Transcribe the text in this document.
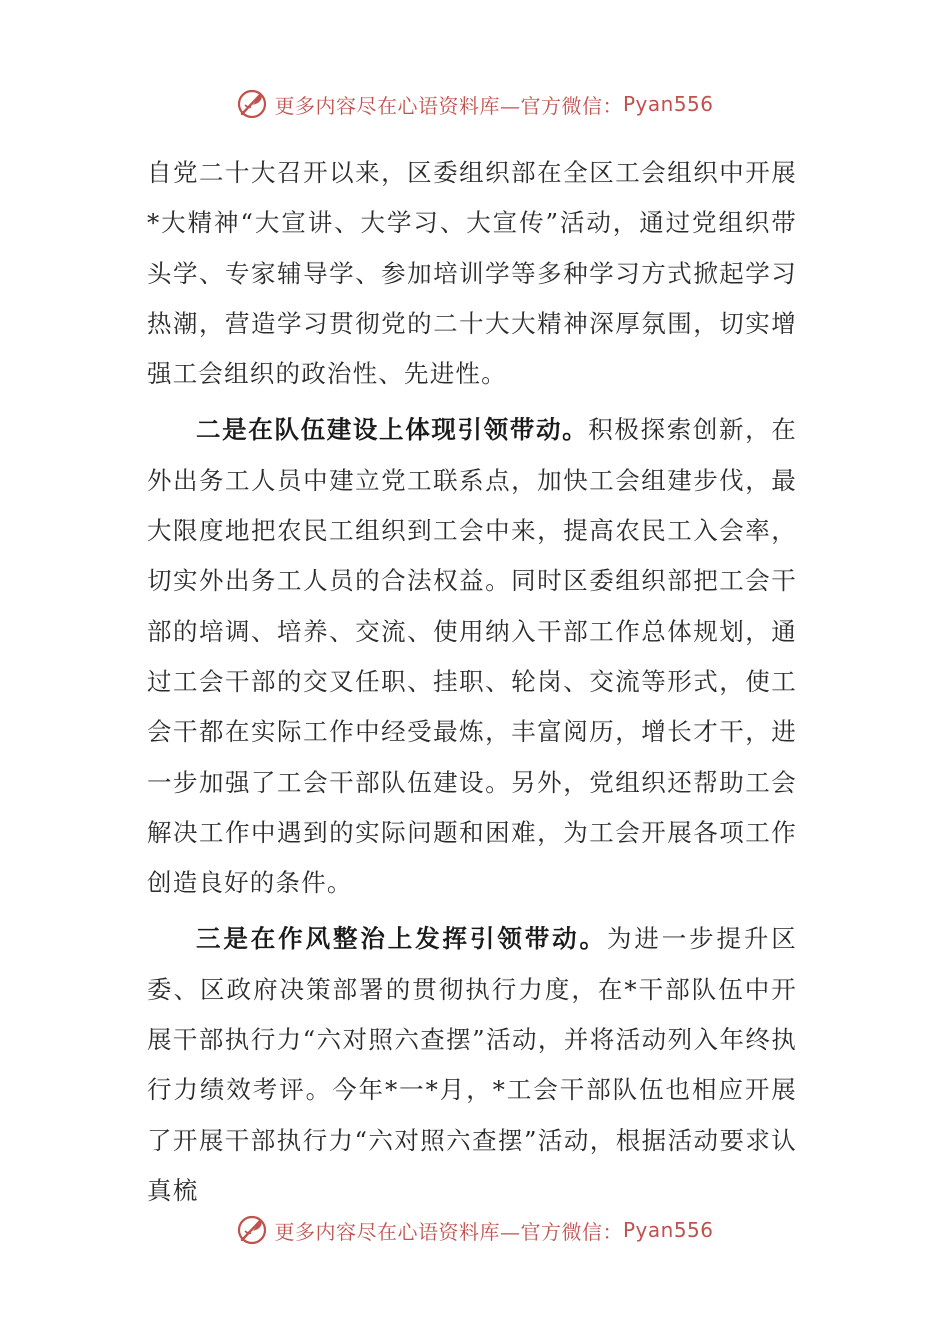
更多内容尽在心语资料库—官方微信： Pyan556

自党二十大召开以来，区委组织部在全区工会组织中开展*大精神“大宣讲、大学习、大宣传”活动，通过党组织带头学、专家辅导学、参加培训学等多种学习方式掀起学习热潮，营造学习贯彻党的二十大大精神深厚氛围，切实增强工会组织的政治性、先进性。

二是在队伍建设上体现引领带动。积极探索创新，在外出务工人员中建立党工联系点，加快工会组建步伐，最大限度地把农民工组织到工会中来，提高农民工入会率，切实外出务工人员的合法权益。同时区委组织部把工会干部的培调、培养、交流、使用纳入干部工作总体规划，通过工会干部的交叉任职、挂职、轮岗、交流等形式，使工会干都在实际工作中经受最炼，丰富阅历，增长才干，进一步加强了工会干部队伍建设。另外，党组织还帮助工会解决工作中遇到的实际问题和困难，为工会开展各项工作创造良好的条件。

三是在作风整治上发挥引领带动。为进一步提升区委、区政府决策部署的贯彻执行力度，在*干部队伍中开展干部执行力“六对照六查摆”活动，并将活动列入年终执行力绩效考评。今年*一*月，*工会干部队伍也相应开展了开展干部执行力“六对照六查摆”活动，根据活动要求认真梳

更多内容尽在心语资料库—官方微信： Pyan556
